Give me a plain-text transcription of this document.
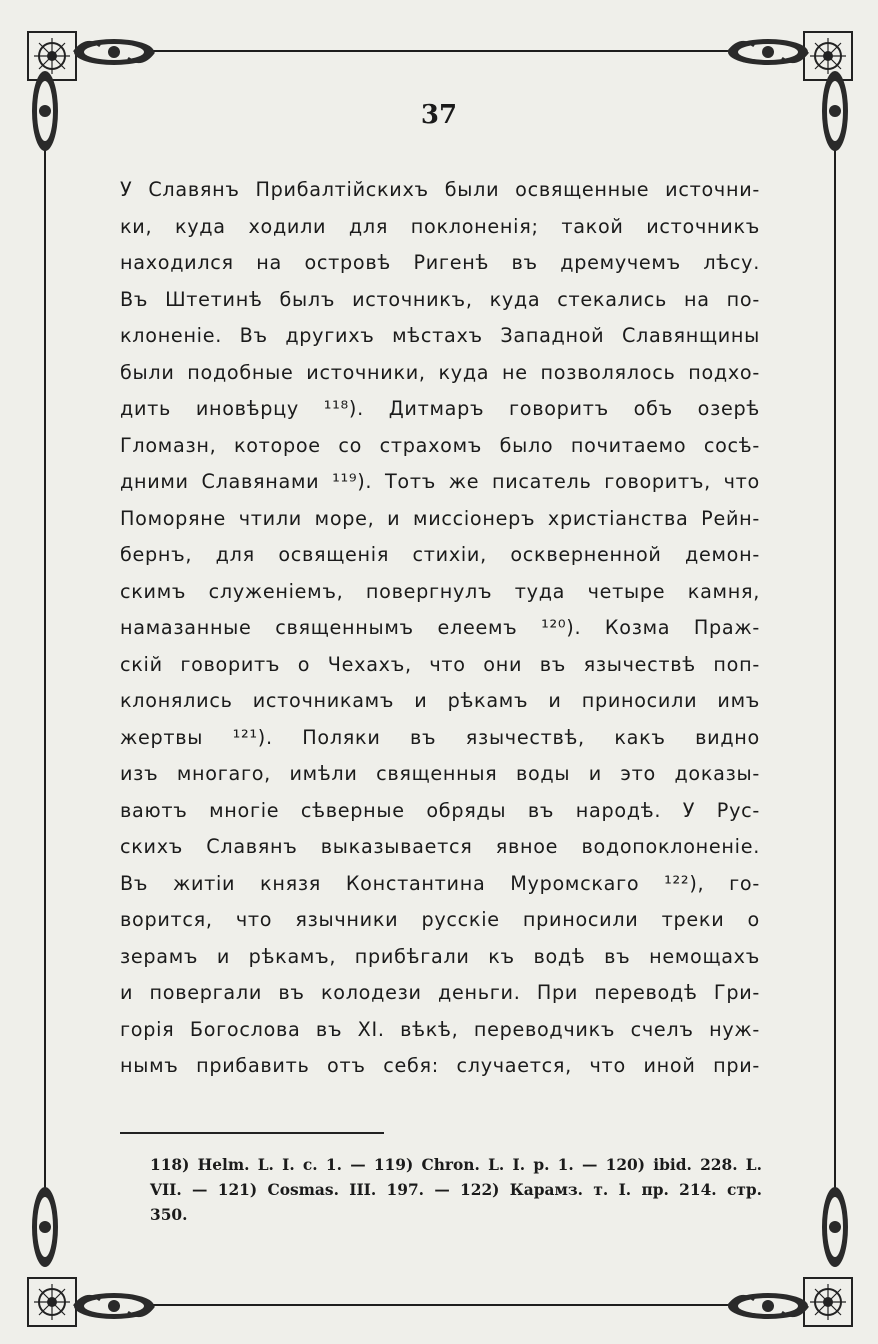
37
У Славянъ Прибалтійскихъ были освященные источни-
ки, куда ходили для поклоненія; такой источникъ
находился на островѣ Ригенѣ въ дремучемъ лѣсу.
Въ Штетинѣ былъ источникъ, куда стекались на по-
клоненіе. Въ другихъ мѣстахъ Западной Славянщины
были подобные источники, куда не позволялось подхо-
дить иновѣрцу ¹¹⁸). Дитмаръ говоритъ объ озерѣ
Гломазн, которое со страхомъ было почитаемо сосѣ-
дними Славянами ¹¹⁹). Тотъ же писатель говоритъ, что
Поморяне чтили море, и миссіонеръ христіанства Рейн-
бернъ, для освященія стихіи, оскверненной демон-
скимъ служеніемъ, повергнулъ туда четыре камня,
намазанные священнымъ елеемъ ¹²⁰). Козма Праж-
скій говоритъ о Чехахъ, что они въ язычествѣ поп-
клонялись источникамъ и рѣкамъ и приносили имъ
жертвы ¹²¹). Поляки въ язычествѣ, какъ видно
изъ многаго, имѣли священныя воды и это доказы-
ваютъ многіе сѣверные обряды въ народѣ. У Рус-
скихъ Славянъ выказывается явное водопоклоненіе.
Въ житіи князя Константина Муромскаго ¹²²), го-
ворится, что язычники русскіе приносили треки о
зерамъ и рѣкамъ, прибѣгали къ водѣ въ немощахъ
и повергали въ колодези деньги. При переводѣ Гри-
горія Богослова въ XI. вѣкѣ, переводчикъ счелъ нуж-
нымъ прибавить отъ себя: случается, что иной при-
118) Helm. L. I. c. 1. — 119) Chron. L. I. p. 1. — 120) ibid. 228. L.
VII. — 121) Cosmas. III. 197. — 122) Карамз. т. I. пр. 214. стр.
350.
